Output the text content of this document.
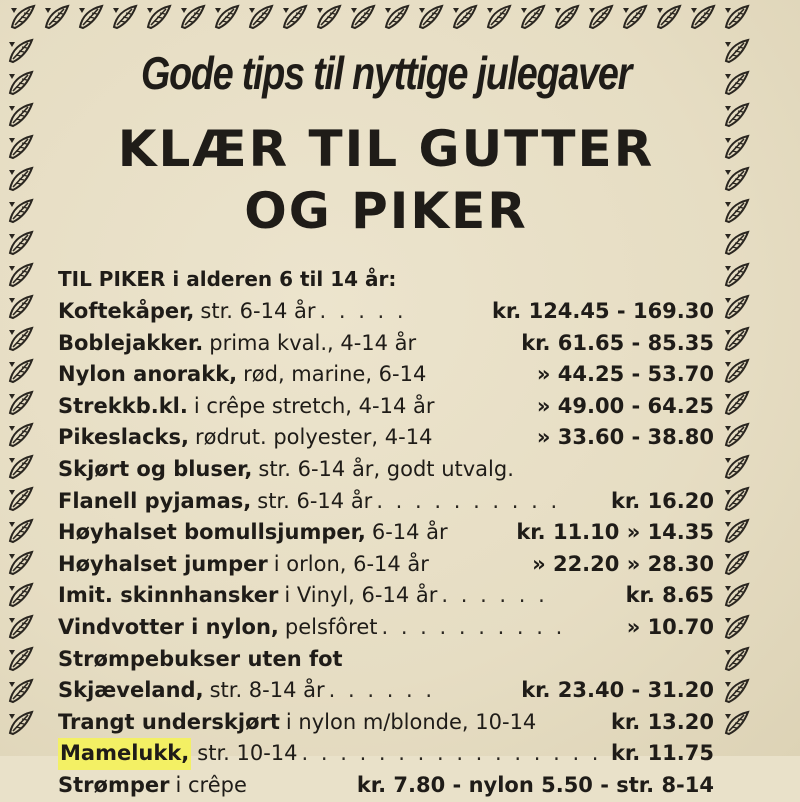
Gode tips til nyttige julegaver
KLÆR TIL GUTTER
OG PIKER
TIL PIKER i alderen 6 til 14 år:
Koftekåper, str. 6-14 år . . . . .	kr. 124.45 - 169.30
Boblejakker. prima kval., 4-14 år	kr. 61.65 - 85.35
Nylon anorakk, rød, marine, 6-14	» 44.25 - 53.70
Strekkb.kl. i crêpe stretch, 4-14 år	» 49.00 - 64.25
Pikeslacks, rødrut. polyester, 4-14	» 33.60 - 38.80
Skjørt og bluser, str. 6-14 år, godt utvalg.
Flanell pyjamas, str. 6-14 år . . . . . . . . . .	kr. 16.20
Høyhalset bomullsjumper, 6-14 år	kr. 11.10 » 14.35
Høyhalset jumper i orlon, 6-14 år	» 22.20 » 28.30
Imit. skinnhansker i Vinyl, 6-14 år . . . . . .	kr. 8.65
Vindvotter i nylon, pelsfôret . . . . . . . . . .	» 10.70
Strømpebukser uten fot
Skjæveland, str. 8-14 år . . . . . .	kr. 23.40 - 31.20
Trangt underskjørt i nylon m/blonde, 10-14	kr. 13.20
Mamelukk, str. 10-14 . . . . . . . . . . . . . . . . kr. 11.75
Strømper i crêpe	kr. 7.80 - nylon 5.50 - str. 8-14
